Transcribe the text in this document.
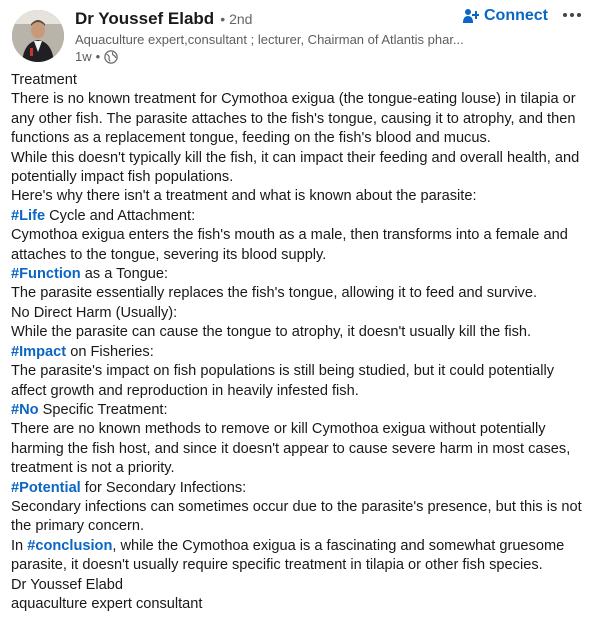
Dr Youssef Elabd • 2nd
Aquaculture expert,consultant ; lecturer, Chairman of Atlantis phar...
1w •
Connect

Treatment

There is no known treatment for Cymothoa exigua (the tongue-eating louse) in tilapia or any other fish. The parasite attaches to the fish's tongue, causing it to atrophy, and then functions as a replacement tongue, feeding on the fish's blood and mucus.

While this doesn't typically kill the fish, it can impact their feeding and overall health, and potentially impact fish populations.

Here's why there isn't a treatment and what is known about the parasite:

#Life Cycle and Attachment:

Cymothoa exigua enters the fish's mouth as a male, then transforms into a female and attaches to the tongue, severing its blood supply.

#Function as a Tongue:

The parasite essentially replaces the fish's tongue, allowing it to feed and survive.

No Direct Harm (Usually):

While the parasite can cause the tongue to atrophy, it doesn't usually kill the fish.

#Impact on Fisheries:

The parasite's impact on fish populations is still being studied, but it could potentially affect growth and reproduction in heavily infested fish.

#No Specific Treatment:

There are no known methods to remove or kill Cymothoa exigua without potentially harming the fish host, and since it doesn't appear to cause severe harm in most cases, treatment is not a priority.

#Potential for Secondary Infections:

Secondary infections can sometimes occur due to the parasite's presence, but this is not the primary concern.

In #conclusion, while the Cymothoa exigua is a fascinating and somewhat gruesome parasite, it doesn't usually require specific treatment in tilapia or other fish species.

Dr Youssef Elabd

aquaculture expert consultant
